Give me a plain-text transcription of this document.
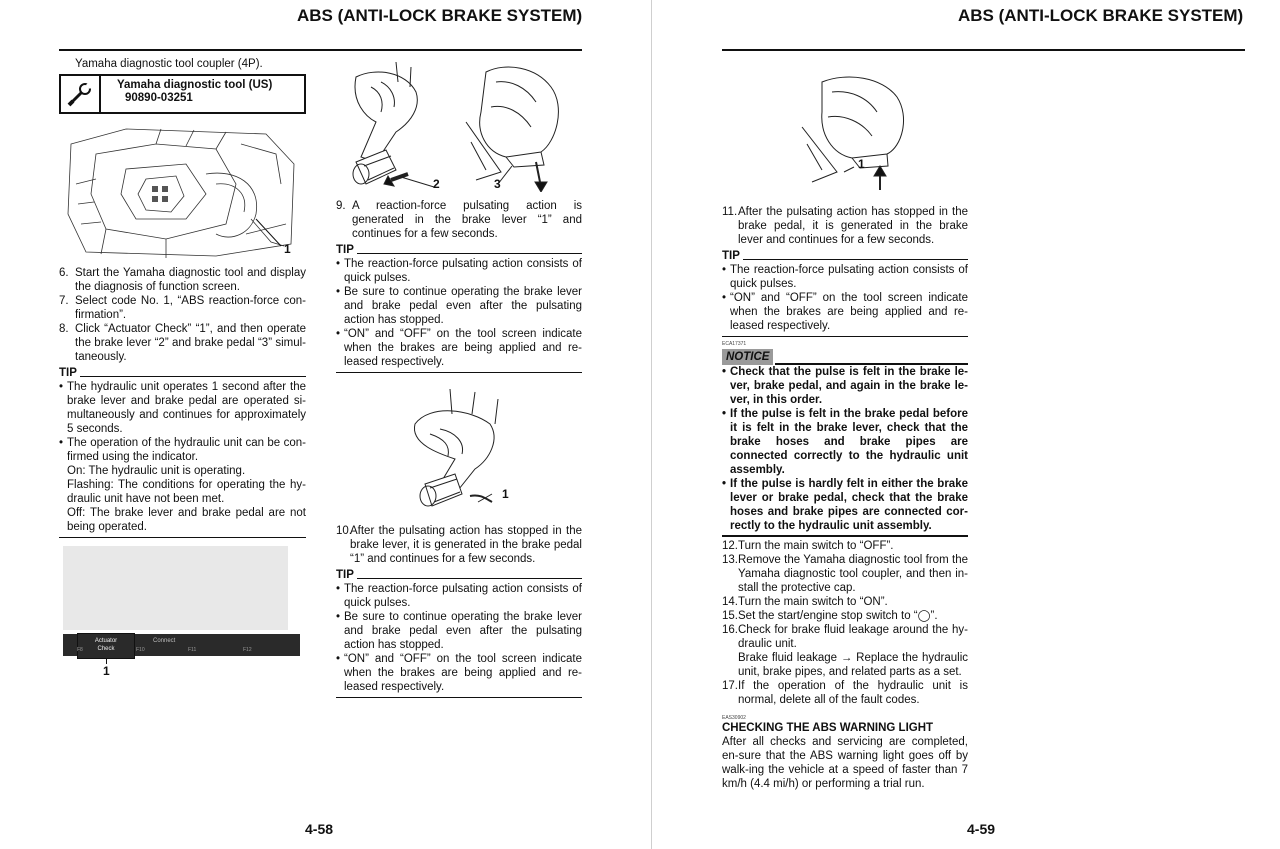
ABS (ANTI-LOCK BRAKE SYSTEM)
Yamaha diagnostic tool coupler (4P).
Yamaha diagnostic tool (US)
90890-03251
1
6. Start the Yamaha diagnostic tool and display the diagnosis of function screen.
7. Select code No. 1, “ABS reaction-force con-firmation”.
8. Click “Actuator Check” “1”, and then operate the brake lever “2” and brake pedal “3” simul-taneously.
TIP
• The hydraulic unit operates 1 second after the brake lever and brake pedal are operated si-multaneously and continues for approximately 5 seconds.
• The operation of the hydraulic unit can be con-firmed using the indicator.
On: The hydraulic unit is operating.
Flashing: The conditions for operating the hy-draulic unit have not been met.
Off: The brake lever and brake pedal are not being operated.
Actuator
Check
Connect
F8	F10	F11	F12
1
2	3
9. A reaction-force pulsating action is generated in the brake lever “1” and continues for a few seconds.
TIP
• The reaction-force pulsating action consists of quick pulses.
• Be sure to continue operating the brake lever and brake pedal even after the pulsating action has stopped.
• “ON” and “OFF” on the tool screen indicate when the brakes are being applied and re-leased respectively.
1
10.
After the pulsating action has stopped in the brake lever, it is generated in the brake pedal “1” and continues for a few seconds.
TIP
• The reaction-force pulsating action consists of quick pulses.
• Be sure to continue operating the brake lever and brake pedal even after the pulsating action has stopped.
• “ON” and “OFF” on the tool screen indicate when the brakes are being applied and re-leased respectively.
4-58
ABS (ANTI-LOCK BRAKE SYSTEM)
1
11. After the pulsating action has stopped in the brake pedal, it is generated in the brake lever and continues for a few seconds.
TIP
• The reaction-force pulsating action consists of quick pulses.
• “ON” and “OFF” on the tool screen indicate when the brakes are being applied and re-leased respectively.
ECA17371
NOTICE
• Check that the pulse is felt in the brake le-ver, brake pedal, and again in the brake le-ver, in this order.
• If the pulse is felt in the brake pedal before it is felt in the brake lever, check that the brake hoses and brake pipes are connected correctly to the hydraulic unit assembly.
• If the pulse is hardly felt in either the brake lever or brake pedal, check that the brake hoses and brake pipes are connected cor-rectly to the hydraulic unit assembly.
12. Turn the main switch to “OFF”.
13. Remove the Yamaha diagnostic tool from the Yamaha diagnostic tool coupler, and then in-stall the protective cap.
14. Turn the main switch to “ON”.
15. Set the start/engine stop switch to “◯”.
16. Check for brake fluid leakage around the hy-draulic unit.
Brake fluid leakage → Replace the hydraulic unit, brake pipes, and related parts as a set.
17. If the operation of the hydraulic unit is normal, delete all of the fault codes.
EAS30902
CHECKING THE ABS WARNING LIGHT
After all checks and servicing are completed, en-sure that the ABS warning light goes off by walk-ing the vehicle at a speed of faster than 7 km/h (4.4 mi/h) or performing a trial run.
4-59
